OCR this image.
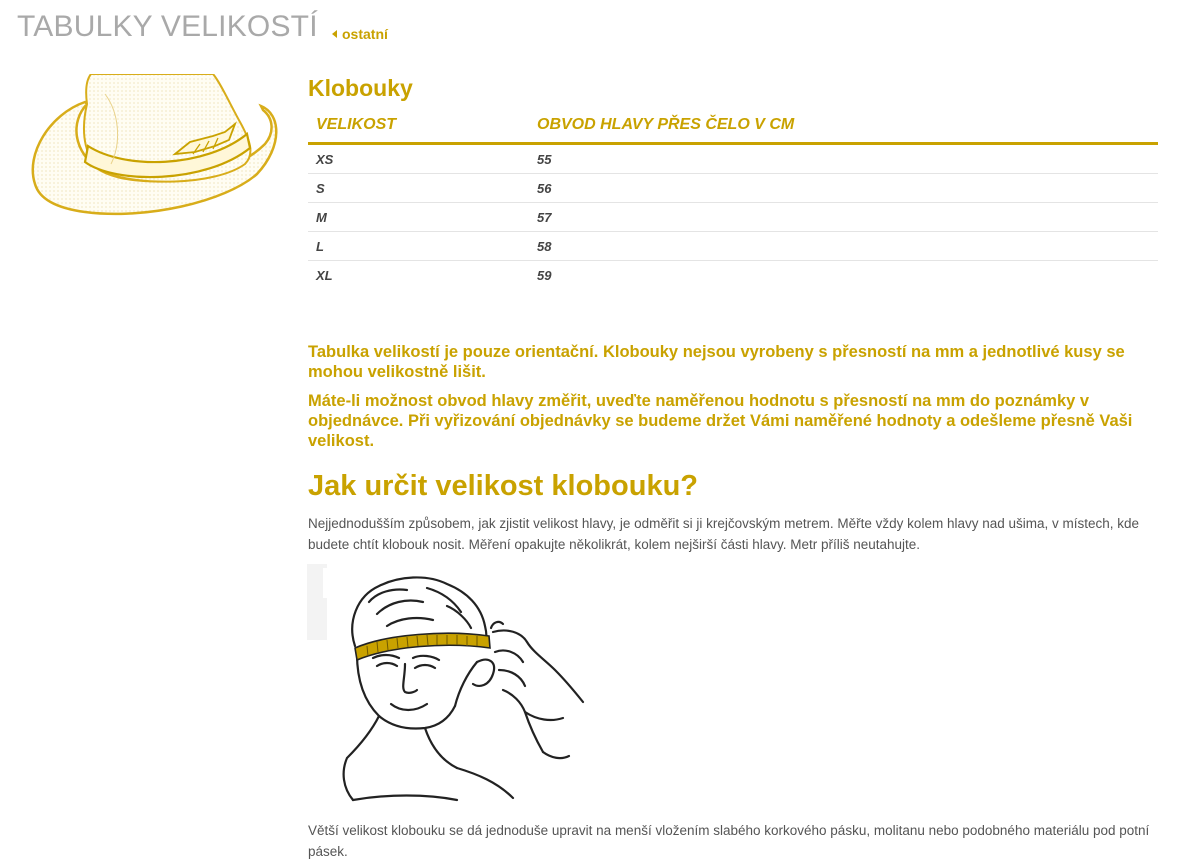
TABULKY VELIKOSTÍ ostatní
Klobouky
VELIKOST	OBVOD HLAVY PŘES ČELO V CM
XS	55
S	56
M	57
L	58
XL	59

Tabulka velikostí je pouze orientační. Klobouky nejsou vyrobeny s přesností na mm a jednotlivé kusy se mohou velikostně lišit.

Máte-li možnost obvod hlavy změřit, uveďte naměřenou hodnotu s přesností na mm do poznámky v objednávce. Při vyřizování objednávky se budeme držet Vámi naměřené hodnoty a odešleme přesně Vaši velikost.

Jak určit velikost klobouku?

Nejjednodušším způsobem, jak zjistit velikost hlavy, je odměřit si ji krejčovským metrem. Měřte vždy kolem hlavy nad ušima, v místech, kde budete chtít klobouk nosit. Měření opakujte několikrát, kolem nejširší části hlavy. Metr příliš neutahujte.

Větší velikost klobouku se dá jednoduše upravit na menší vložením slabého korkového pásku, molitanu nebo podobného materiálu pod potní pásek.
